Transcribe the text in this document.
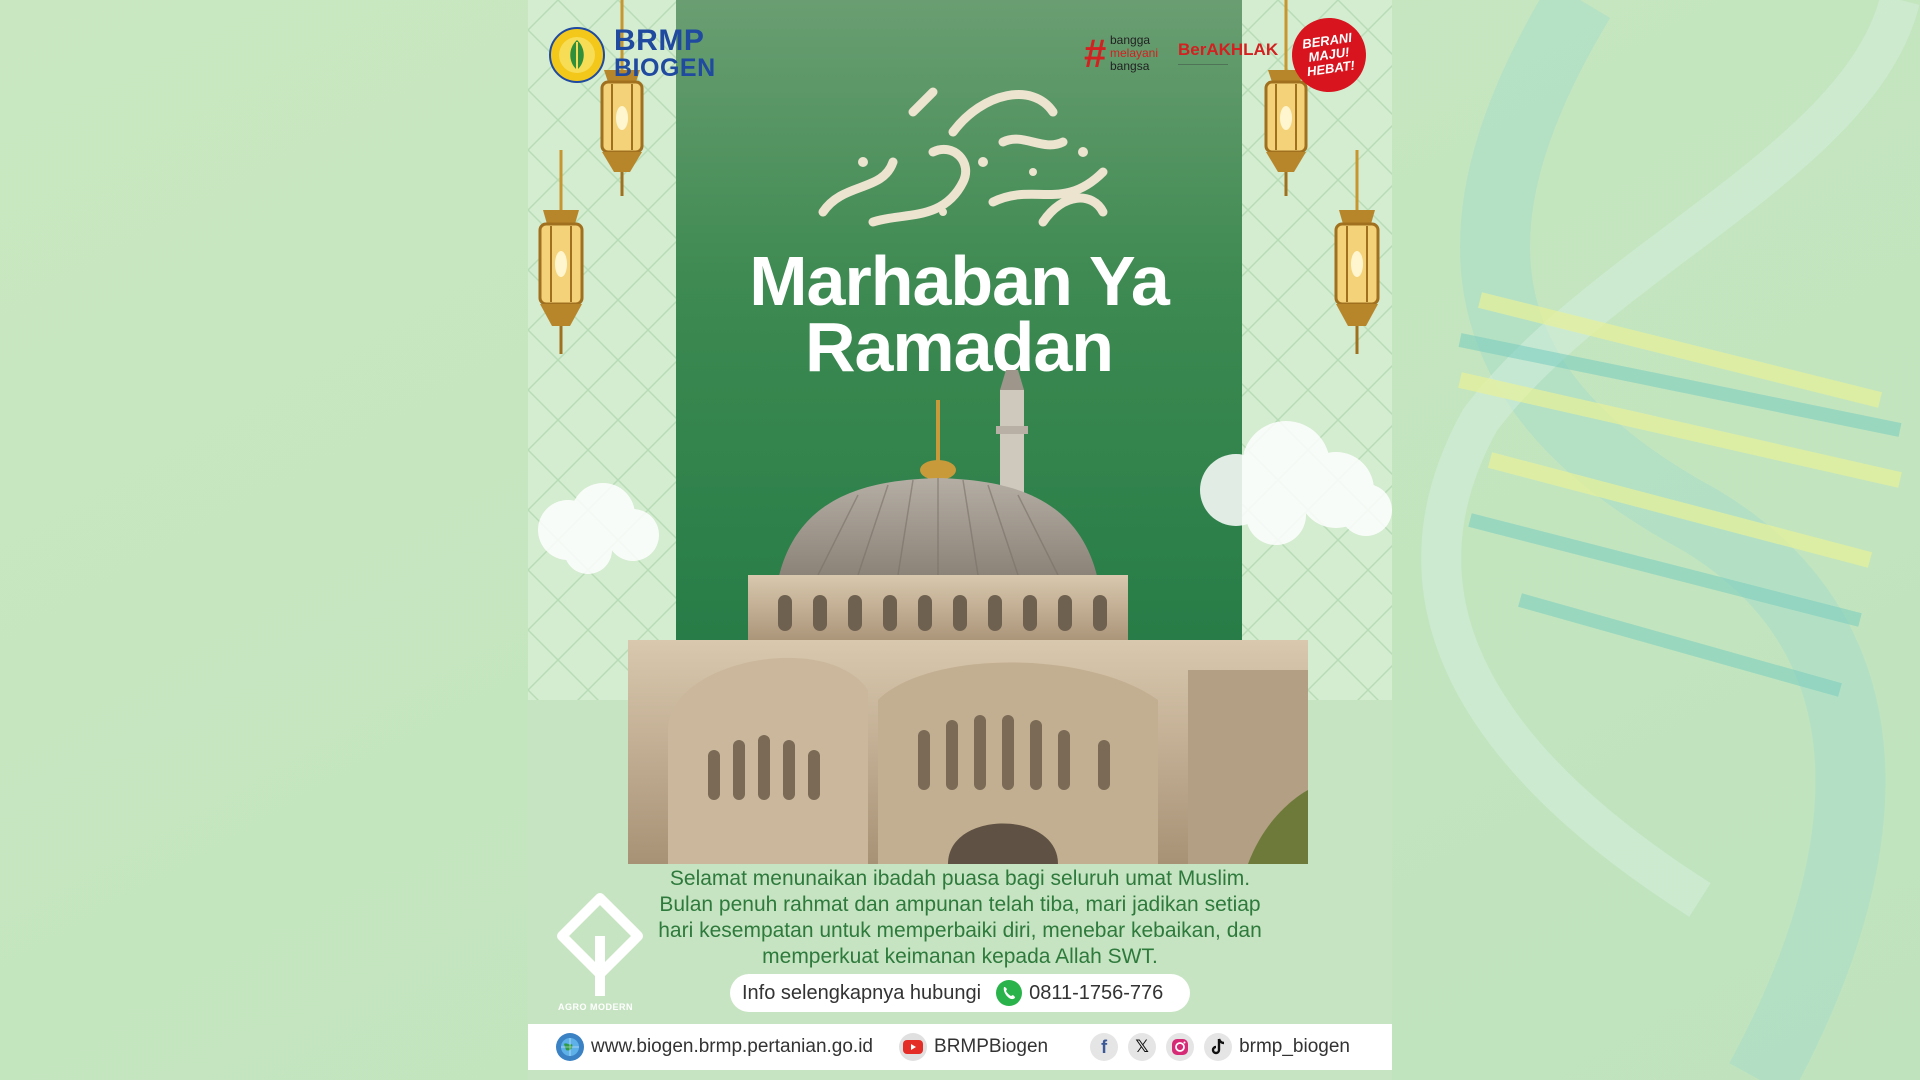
BRMP
BIOGEN	# bangga
melayani
bangsa
BerAKHLAK
——————————
BERANI MAJU! HEBAT!
Marhaban Ya
Ramadan
Selamat menunaikan ibadah puasa bagi seluruh umat Muslim.
Bulan penuh rahmat dan ampunan telah tiba, mari jadikan setiap
hari kesempatan untuk memperbaiki diri, menebar kebaikan, dan
memperkuat keimanan kepada Allah SWT.
AGRO MODERN
Info selengkapnya hubungi 0811-1756-776
www.biogen.brmp.pertanian.go.id	BRMPBiogen	f	𝕏	brmp_biogen
